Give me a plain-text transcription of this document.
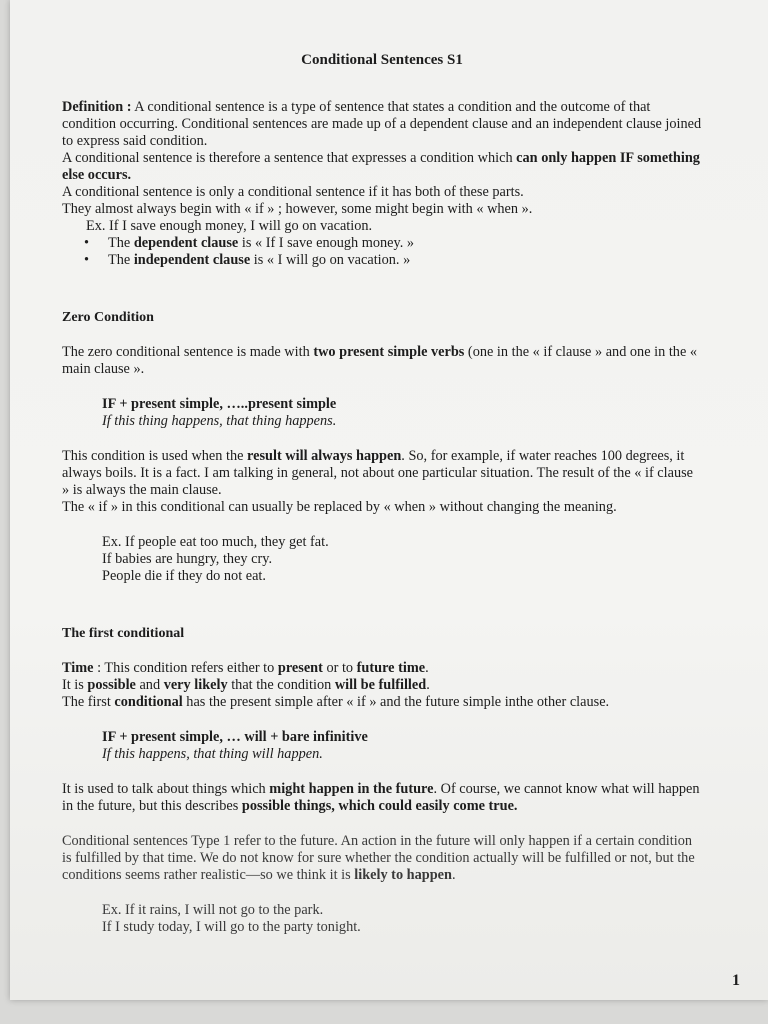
Conditional Sentences S1

Definition : A conditional sentence is a type of sentence that states a condition and the outcome of that condition occurring. Conditional sentences are made up of a dependent clause and an independent clause joined to express said condition.

A conditional sentence is therefore a sentence that expresses a condition which can only happen IF something else occurs.

A conditional sentence is only a conditional sentence if it has both of these parts.

They almost always begin with « if » ; however, some might begin with « when ».

Ex. If I save enough money, I will go on vacation.

• The dependent clause is « If I save enough money. »
• The independent clause is « I will go on vacation. »
Zero Condition

The zero conditional sentence is made with two present simple verbs (one in the « if clause » and one in the « main clause ».

IF + present simple, …..present simple

If this thing happens, that thing happens.

This condition is used when the result will always happen. So, for example, if water reaches 100 degrees, it always boils. It is a fact. I am talking in general, not about one particular situation. The result of the « if clause » is always the main clause.

The « if » in this conditional can usually be replaced by « when » without changing the meaning.

Ex. If people eat too much, they get fat.

If babies are hungry, they cry.

People die if they do not eat.

The first conditional

Time : This condition refers either to present or to future time.

It is possible and very likely that the condition will be fulfilled.

The first conditional has the present simple after « if » and the future simple inthe other clause.

IF + present simple, … will + bare infinitive

If this happens, that thing will happen.

It is used to talk about things which might happen in the future. Of course, we cannot know what will happen in the future, but this describes possible things, which could easily come true.

Conditional sentences Type 1 refer to the future. An action in the future will only happen if a certain condition is fulfilled by that time. We do not know for sure whether the condition actually will be fulfilled or not, but the conditions seems rather realistic—so we think it is likely to happen.

Ex. If it rains, I will not go to the park.

If I study today, I will go to the party tonight.

1
